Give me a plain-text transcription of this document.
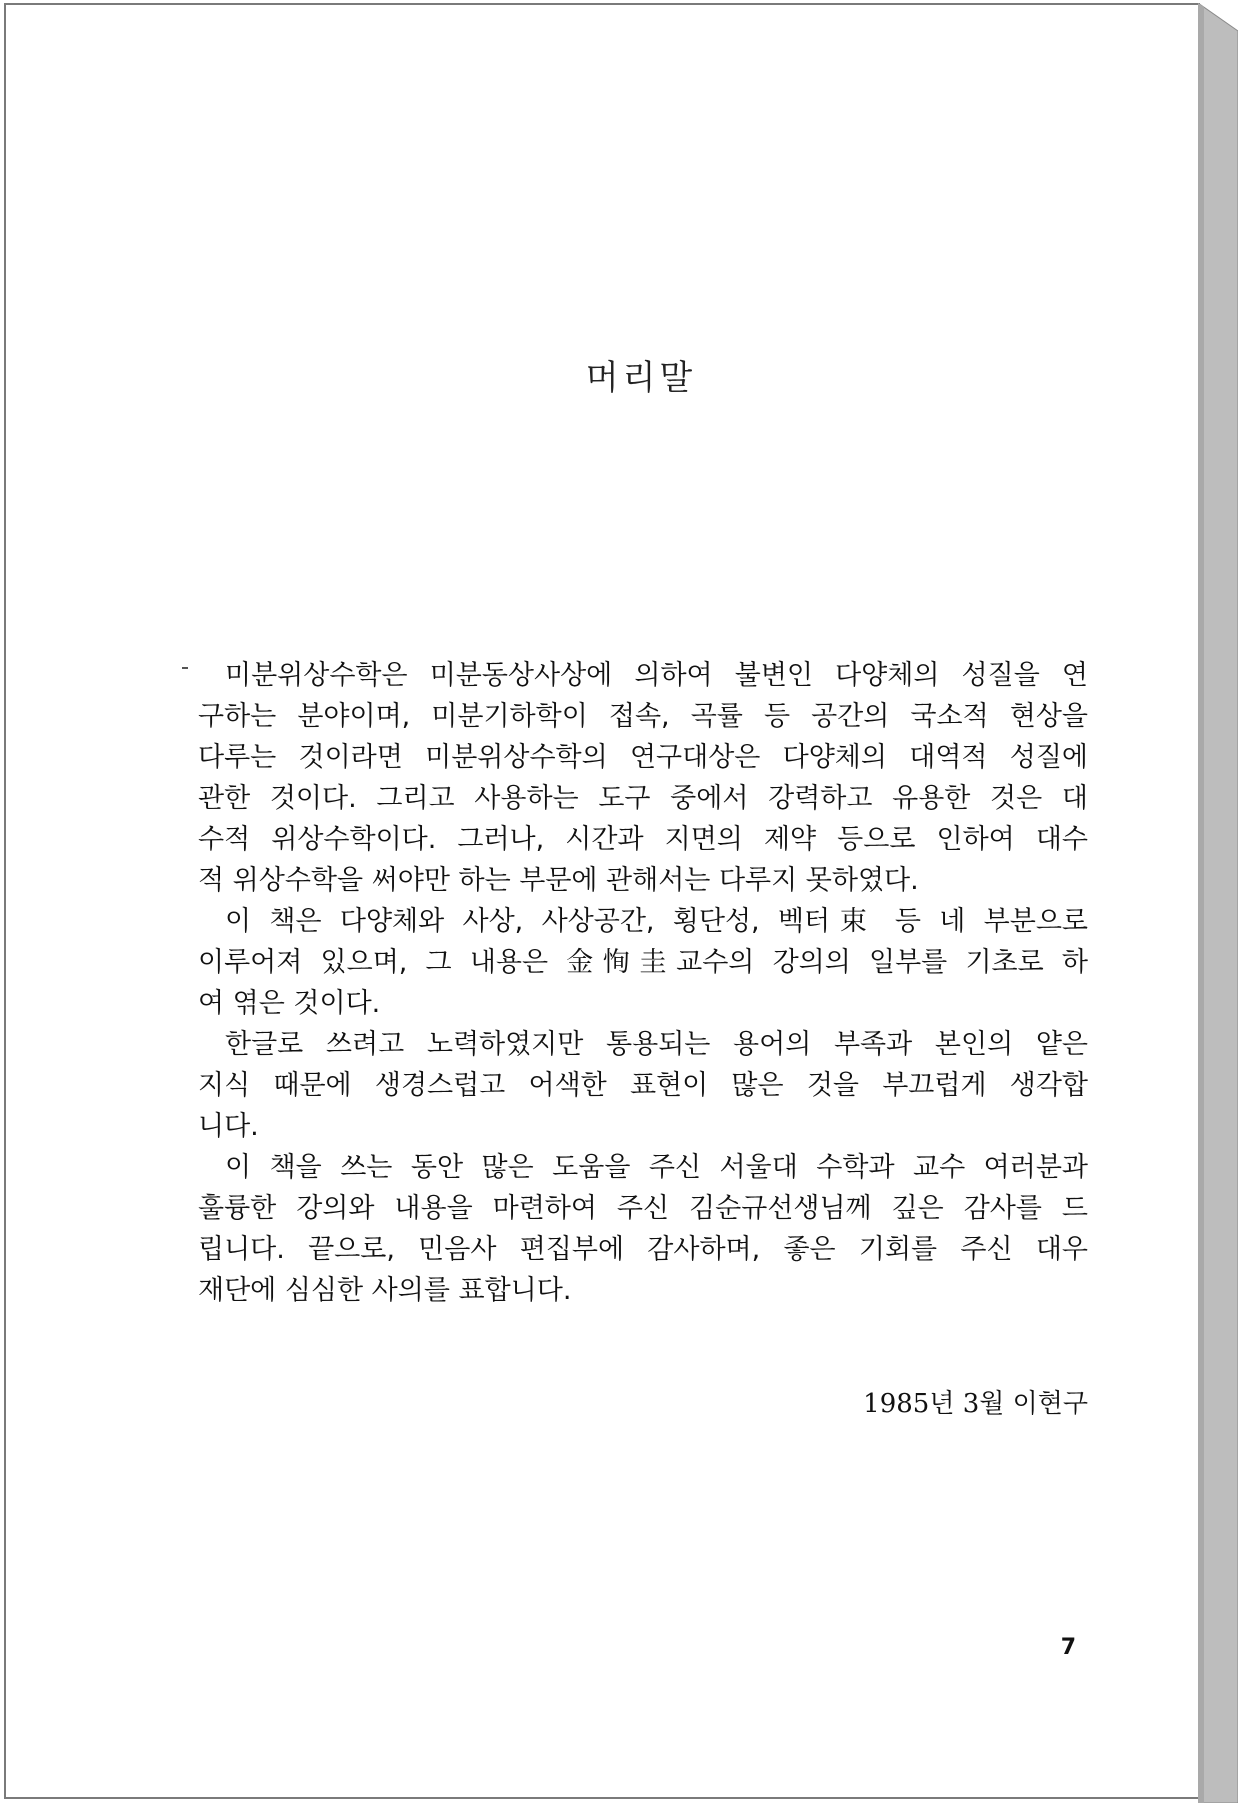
머리말
미분위상수학은 미분동상사상에 의하여 불변인 다양체의 성질을 연
구하는 분야이며, 미분기하학이 접속, 곡률 등 공간의 국소적 현상을
다루는 것이라면 미분위상수학의 연구대상은 다양체의 대역적 성질에
관한 것이다. 그리고 사용하는 도구 중에서 강력하고 유용한 것은 대
수적 위상수학이다. 그러나, 시간과 지면의 제약 등으로 인하여 대수
적 위상수학을 써야만 하는 부문에 관해서는 다루지 못하였다.
이 책은 다양체와 사상, 사상공간, 횡단성, 벡터束 등 네 부분으로
이루어져 있으며, 그 내용은 金恂圭교수의 강의의 일부를 기초로 하
여 엮은 것이다.
한글로 쓰려고 노력하였지만 통용되는 용어의 부족과 본인의 얕은
지식 때문에 생경스럽고 어색한 표현이 많은 것을 부끄럽게 생각합
니다.
이 책을 쓰는 동안 많은 도움을 주신 서울대 수학과 교수 여러분과
훌륭한 강의와 내용을 마련하여 주신 김순규선생님께 깊은 감사를 드
립니다. 끝으로, 민음사 편집부에 감사하며, 좋은 기회를 주신 대우
재단에 심심한 사의를 표합니다.
1985년 3월 이현구
7
